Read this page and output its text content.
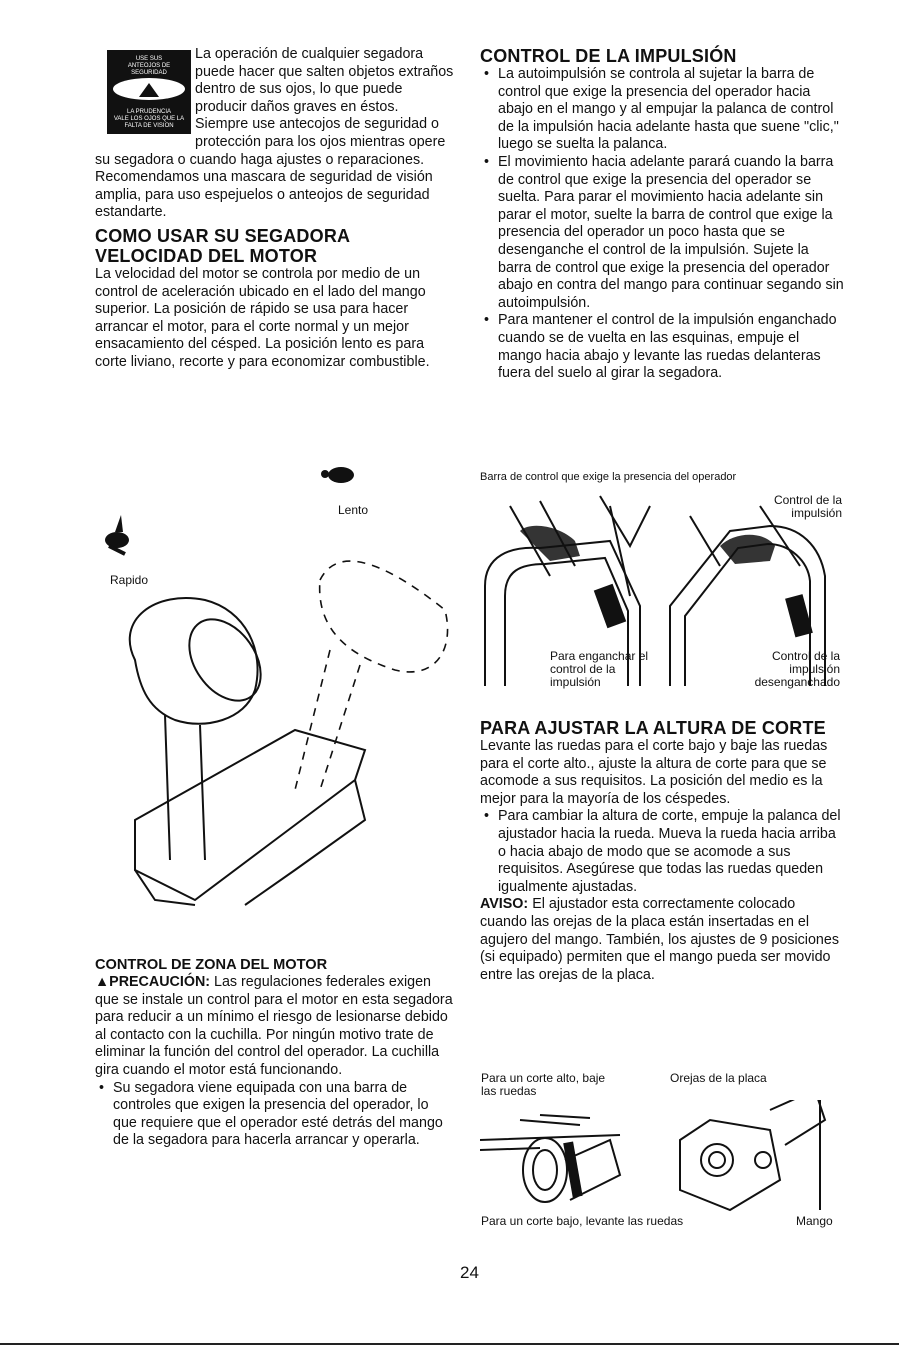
USE SUS
ANTEOJOS DE
SEGURIDAD
LA PRUDENCIA
VALE LOS OJOS QUE LA
FALTA DE VISION

La operación de cualquier segadora puede hacer que salten objetos extraños dentro de sus ojos, lo que puede producir daños graves en éstos. Siempre use antecojos de seguridad o protección para los ojos mientras opere su segadora o cuando haga ajustes o reparaciones. Recomendamos una mascara de seguridad de visión amplia, para uso espejuelos o anteojos de seguridad estandarte.

COMO USAR SU SEGADORA
VELOCIDAD DEL MOTOR

La velocidad del motor se controla por medio de un control de aceleración ubicado en el lado del mango superior. La posición de rápido se usa para hacer arrancar el motor, para el corte normal y un mejor ensacamiento del césped. La posición lento es para corte liviano, recorte y para economizar combustible.

Lento
Rapido
CONTROL DE ZONA DEL MOTOR

▲PRECAUCIÓN: Las regulaciones federales exigen que se instale un control para el motor en esta segadora para reducir a un mínimo el riesgo de lesionarse debido al contacto con la cuchilla. Por ningún motivo trate de eliminar la función del control del operador. La cuchilla gira cuando el motor está funcionando.

• Su segadora viene equipada con una barra de controles que exigen la presencia del operador, lo que requiere que el operador esté detrás del mango de la segadora para hacerla arrancar y operarla.
CONTROL DE LA IMPULSIÓN
• La autoimpulsión se controla al sujetar la barra de control que exige la presencia del operador hacia abajo en el mango y al empujar la palanca de control de la impulsión hacia adelante hasta que suene "clic," luego se suelta la palanca.
• El movimiento hacia adelante parará cuando la barra de control que exige la presencia del operador se suelta. Para parar el movimiento hacia adelante sin parar el motor, suelte la barra de control que exige la presencia del operador un poco hasta que se desenganche el control de la impulsión. Sujete la barra de control que exige la presencia del operador abajo en contra del mango para continuar segando sin autoimpulsión.
• Para mantener el control de la impulsión enganchado cuando se de vuelta en las esquinas, empuje el mango hacia abajo y levante las ruedas delanteras fuera del suelo al girar la segadora.
Barra de control que exige la presencia del operador
Control de la impulsión
Para enganchar el control de la impulsión
Control de la impulsión desenganchado
PARA AJUSTAR LA ALTURA DE CORTE

Levante las ruedas para el corte bajo y baje las ruedas para el corte alto., ajuste la altura de corte para que se acomode a sus requisitos. La posición del medio es la mejor para la mayoría de los céspedes.

• Para cambiar la altura de corte, empuje la palanca del ajustador hacia la rueda. Mueva la rueda hacia arriba o hacia abajo de modo que se acomode a sus requisitos. Asegúrese que todas las ruedas queden igualmente ajustadas.

AVISO: El ajustador esta correctamente colocado cuando las orejas de la placa están insertadas en el agujero del mango. También, los ajustes de 9 posiciones (si equipado) permiten que el mango pueda ser movido entre las orejas de la placa.

Para un corte alto, baje las ruedas
Orejas de la placa
Para un corte bajo, levante las ruedas	Mango
24
